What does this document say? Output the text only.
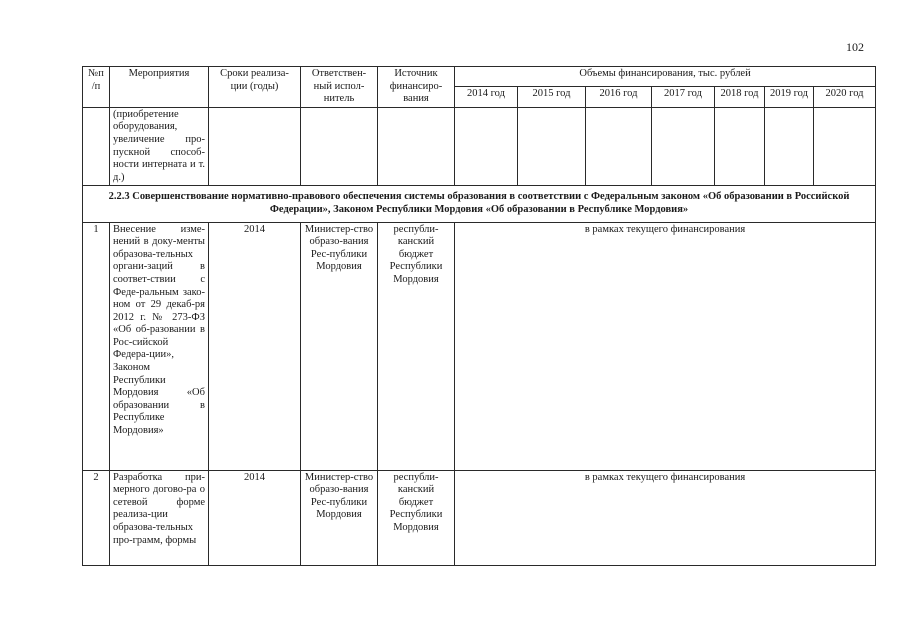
102
№п /п	Мероприятия	Сроки реализа-ции (годы)	Ответствен-ный испол-нитель	Источник финансиро-вания	Объемы финансирования, тыс. рублей						
					2014 год	2015 год	2016 год	2017 год	2018 год	2019 год	2020 год
	(приобретение оборудования, увеличение про-пускной способ-ности интерната и т. д.)										
2.2.3 Совершенствование нормативно-правового обеспечения системы образования в соответствии с Федеральным законом «Об образовании в Российской Федерации», Законом Республики Мордовия «Об образовании в Республике Мордовия»											
1	Внесение изме-нений в доку-менты образова-тельных органи-заций в соответ-ствии с Феде-ральным зако-ном от 29 декаб-ря 2012 г. № 273-ФЗ «Об об-разовании в Рос-сийской Федера-ции», Законом Республики Мордовия «Об образовании в Республике Мордовия»	2014	Министер-ство образо-вания Рес-публики Мордовия	республи-канский бюджет Республики Мордовия	в рамках текущего финансирования						
2	Разработка при-мерного догово-ра о сетевой форме реализа-ции образова-тельных про-грамм, формы	2014	Министер-ство образо-вания Рес-публики Мордовия	республи-канский бюджет Республики Мордовия	в рамках текущего финансирования						
